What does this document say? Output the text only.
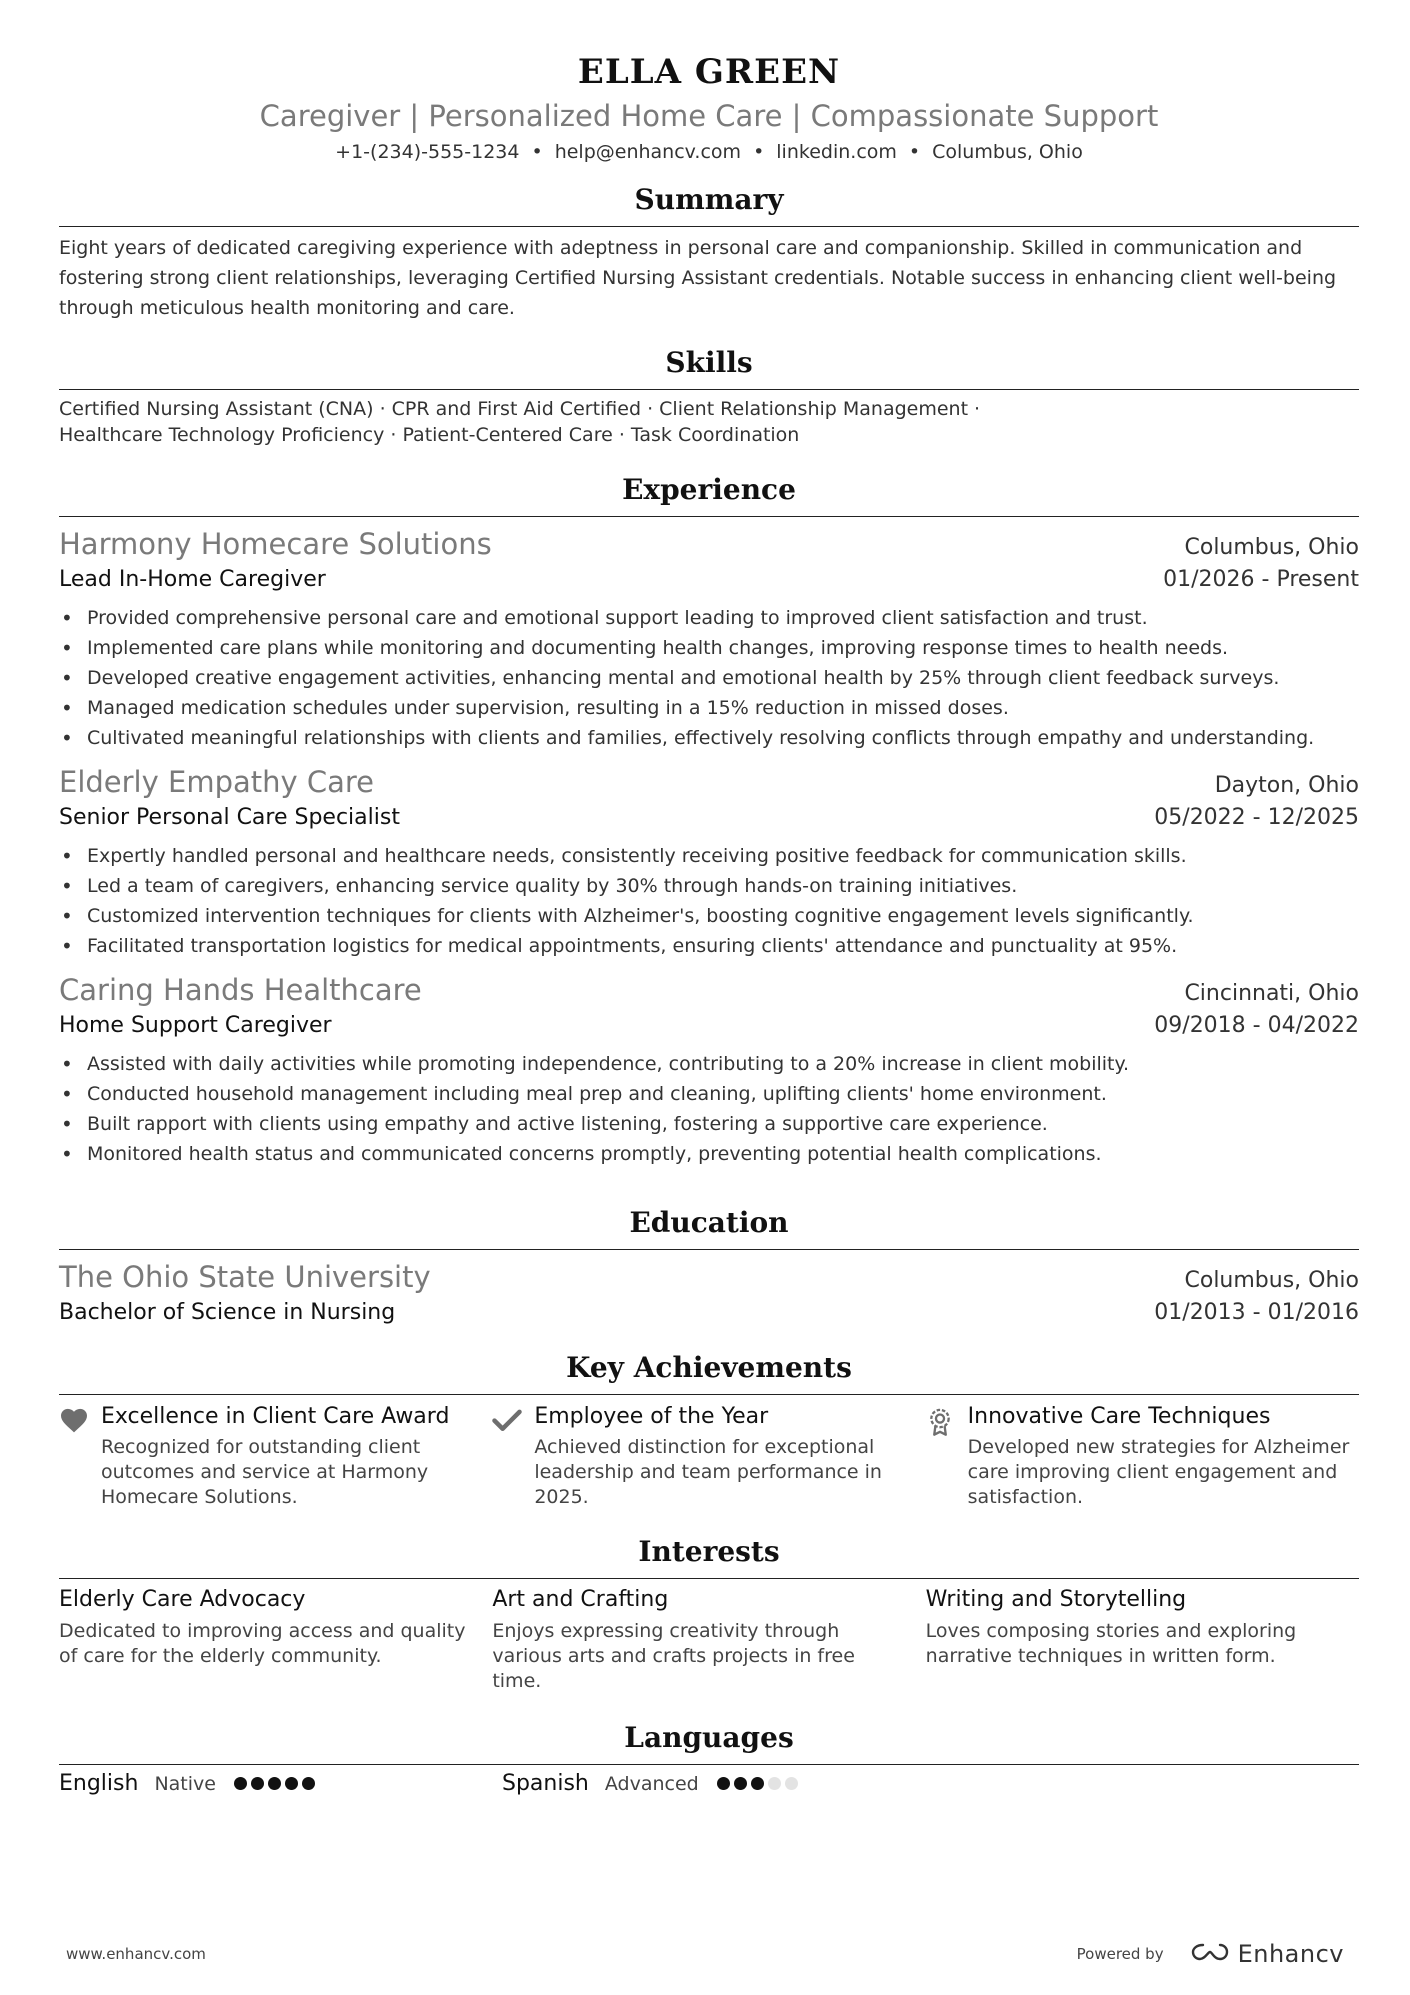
ELLA GREEN
Caregiver | Personalized Home Care | Compassionate Support
+1-(234)-555-1234 • help@enhancv.com • linkedin.com • Columbus, Ohio
Summary
Eight years of dedicated caregiving experience with adeptness in personal care and companionship. Skilled in communication and fostering strong client relationships, leveraging Certified Nursing Assistant credentials. Notable success in enhancing client well-being through meticulous health monitoring and care.
Skills
Certified Nursing Assistant (CNA) · CPR and First Aid Certified · Client Relationship Management ·
Healthcare Technology Proficiency · Patient-Centered Care · Task Coordination
Experience
Harmony Homecare Solutions	Columbus, Ohio
Lead In-Home Caregiver	01/2026 - Present
• Provided comprehensive personal care and emotional support leading to improved client satisfaction and trust.
• Implemented care plans while monitoring and documenting health changes, improving response times to health needs.
• Developed creative engagement activities, enhancing mental and emotional health by 25% through client feedback surveys.
• Managed medication schedules under supervision, resulting in a 15% reduction in missed doses.
• Cultivated meaningful relationships with clients and families, effectively resolving conflicts through empathy and understanding.
Elderly Empathy Care	Dayton, Ohio
Senior Personal Care Specialist	05/2022 - 12/2025
• Expertly handled personal and healthcare needs, consistently receiving positive feedback for communication skills.
• Led a team of caregivers, enhancing service quality by 30% through hands-on training initiatives.
• Customized intervention techniques for clients with Alzheimer's, boosting cognitive engagement levels significantly.
• Facilitated transportation logistics for medical appointments, ensuring clients' attendance and punctuality at 95%.
Caring Hands Healthcare	Cincinnati, Ohio
Home Support Caregiver	09/2018 - 04/2022
• Assisted with daily activities while promoting independence, contributing to a 20% increase in client mobility.
• Conducted household management including meal prep and cleaning, uplifting clients' home environment.
• Built rapport with clients using empathy and active listening, fostering a supportive care experience.
• Monitored health status and communicated concerns promptly, preventing potential health complications.
Education
The Ohio State University	Columbus, Ohio
Bachelor of Science in Nursing	01/2013 - 01/2016
Key Achievements
Excellence in Client Care Award
Recognized for outstanding client outcomes and service at Harmony Homecare Solutions.
Employee of the Year
Achieved distinction for exceptional leadership and team performance in 2025.
Innovative Care Techniques
Developed new strategies for Alzheimer care improving client engagement and satisfaction.
Interests
Elderly Care Advocacy
Dedicated to improving access and quality of care for the elderly community.
Art and Crafting
Enjoys expressing creativity through various arts and crafts projects in free time.
Writing and Storytelling
Loves composing stories and exploring narrative techniques in written form.
Languages
English Native	Spanish Advanced
www.enhancv.com	Powered by	Enhancv
